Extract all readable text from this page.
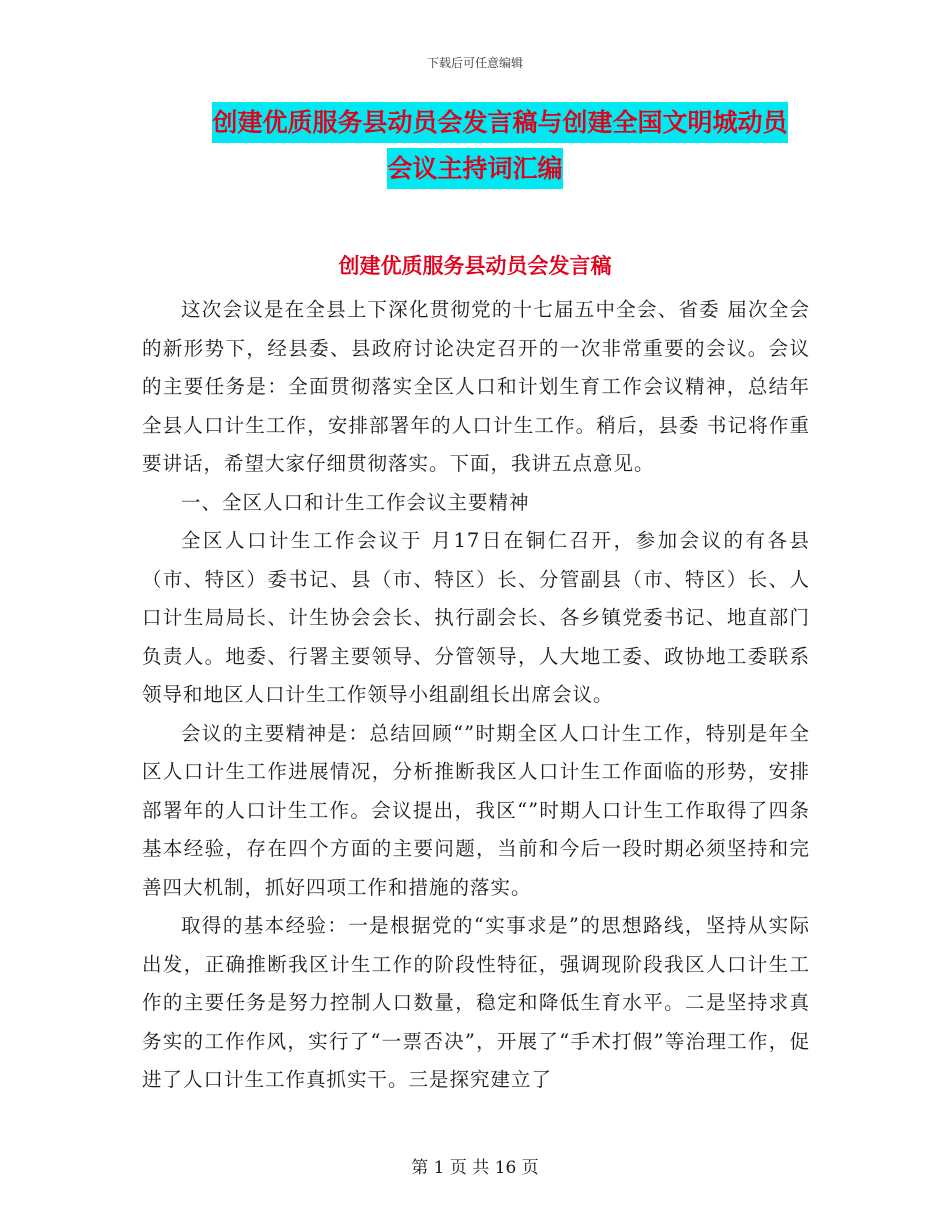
下载后可任意编辑
创建优质服务县动员会发言稿与创建全国文明城动员
会议主持词汇编
创建优质服务县动员会发言稿

这次会议是在全县上下深化贯彻党的十七届五中全会、省委 届次全会的新形势下，经县委、县政府讨论决定召开的一次非常重要的会议。会议的主要任务是：全面贯彻落实全区人口和计划生育工作会议精神，总结年全县人口计生工作，安排部署年的人口计生工作。稍后，县委 书记将作重要讲话，希望大家仔细贯彻落实。下面，我讲五点意见。

一、全区人口和计生工作会议主要精神

全区人口计生工作会议于 月17日在铜仁召开，参加会议的有各县（市、特区）委书记、县（市、特区）长、分管副县（市、特区）长、人口计生局局长、计生协会会长、执行副会长、各乡镇党委书记、地直部门负责人。地委、行署主要领导、分管领导，人大地工委、政协地工委联系领导和地区人口计生工作领导小组副组长出席会议。

会议的主要精神是：总结回顾“”时期全区人口计生工作，特别是年全区人口计生工作进展情况，分析推断我区人口计生工作面临的形势，安排部署年的人口计生工作。会议提出，我区“”时期人口计生工作取得了四条基本经验，存在四个方面的主要问题，当前和今后一段时期必须坚持和完善四大机制，抓好四项工作和措施的落实。

取得的基本经验：一是根据党的“实事求是”的思想路线，坚持从实际出发，正确推断我区计生工作的阶段性特征，强调现阶段我区人口计生工作的主要任务是努力控制人口数量，稳定和降低生育水平。二是坚持求真务实的工作作风，实行了“一票否决”，开展了“手术打假”等治理工作，促进了人口计生工作真抓实干。三是探究建立了

第 1 页 共 16 页
